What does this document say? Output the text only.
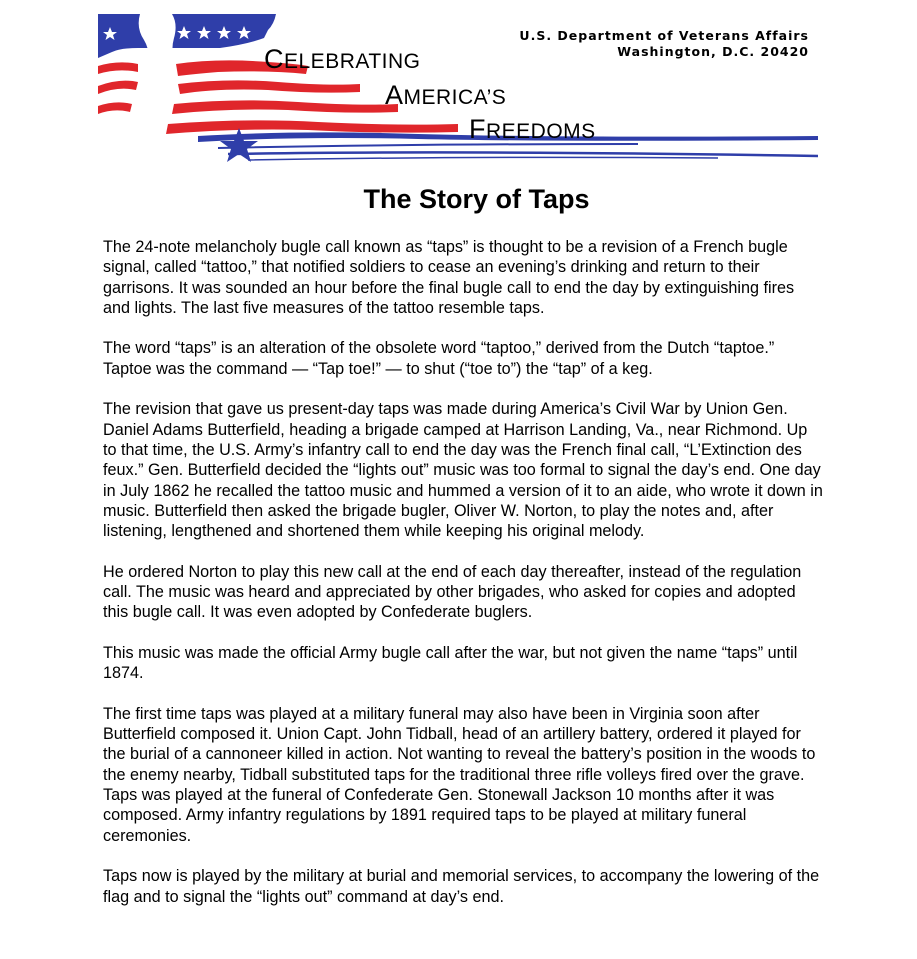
CELEBRATING
AMERICA’S
FREEDOMS
U.S. Department of Veterans Affairs
Washington, D.C. 20420
The Story of Taps

The 24-note melancholy bugle call known as “taps” is thought to be a revision of a French bugle signal, called “tattoo,” that notified soldiers to cease an evening’s drinking and return to their garrisons. It was sounded an hour before the final bugle call to end the day by extinguishing fires and lights. The last five measures of the tattoo resemble taps.

The word “taps” is an alteration of the obsolete word “taptoo,” derived from the Dutch “taptoe.” Taptoe was the command — “Tap toe!” — to shut (“toe to”) the “tap” of a keg.

The revision that gave us present-day taps was made during America’s Civil War by Union Gen. Daniel Adams Butterfield, heading a brigade camped at Harrison Landing, Va., near Richmond. Up to that time, the U.S. Army’s infantry call to end the day was the French final call, “L’Extinction des feux.” Gen. Butterfield decided the “lights out” music was too formal to signal the day’s end. One day in July 1862 he recalled the tattoo music and hummed a version of it to an aide, who wrote it down in music. Butterfield then asked the brigade bugler, Oliver W. Norton, to play the notes and, after listening, lengthened and shortened them while keeping his original melody.

He ordered Norton to play this new call at the end of each day thereafter, instead of the regulation call. The music was heard and appreciated by other brigades, who asked for copies and adopted this bugle call. It was even adopted by Confederate buglers.

This music was made the official Army bugle call after the war, but not given the name “taps” until 1874.

The first time taps was played at a military funeral may also have been in Virginia soon after Butterfield composed it. Union Capt. John Tidball, head of an artillery battery, ordered it played for the burial of a cannoneer killed in action. Not wanting to reveal the battery’s position in the woods to the enemy nearby, Tidball substituted taps for the traditional three rifle volleys fired over the grave. Taps was played at the funeral of Confederate Gen. Stonewall Jackson 10 months after it was composed. Army infantry regulations by 1891 required taps to be played at military funeral ceremonies.

Taps now is played by the military at burial and memorial services, to accompany the lowering of the flag and to signal the “lights out” command at day’s end.
